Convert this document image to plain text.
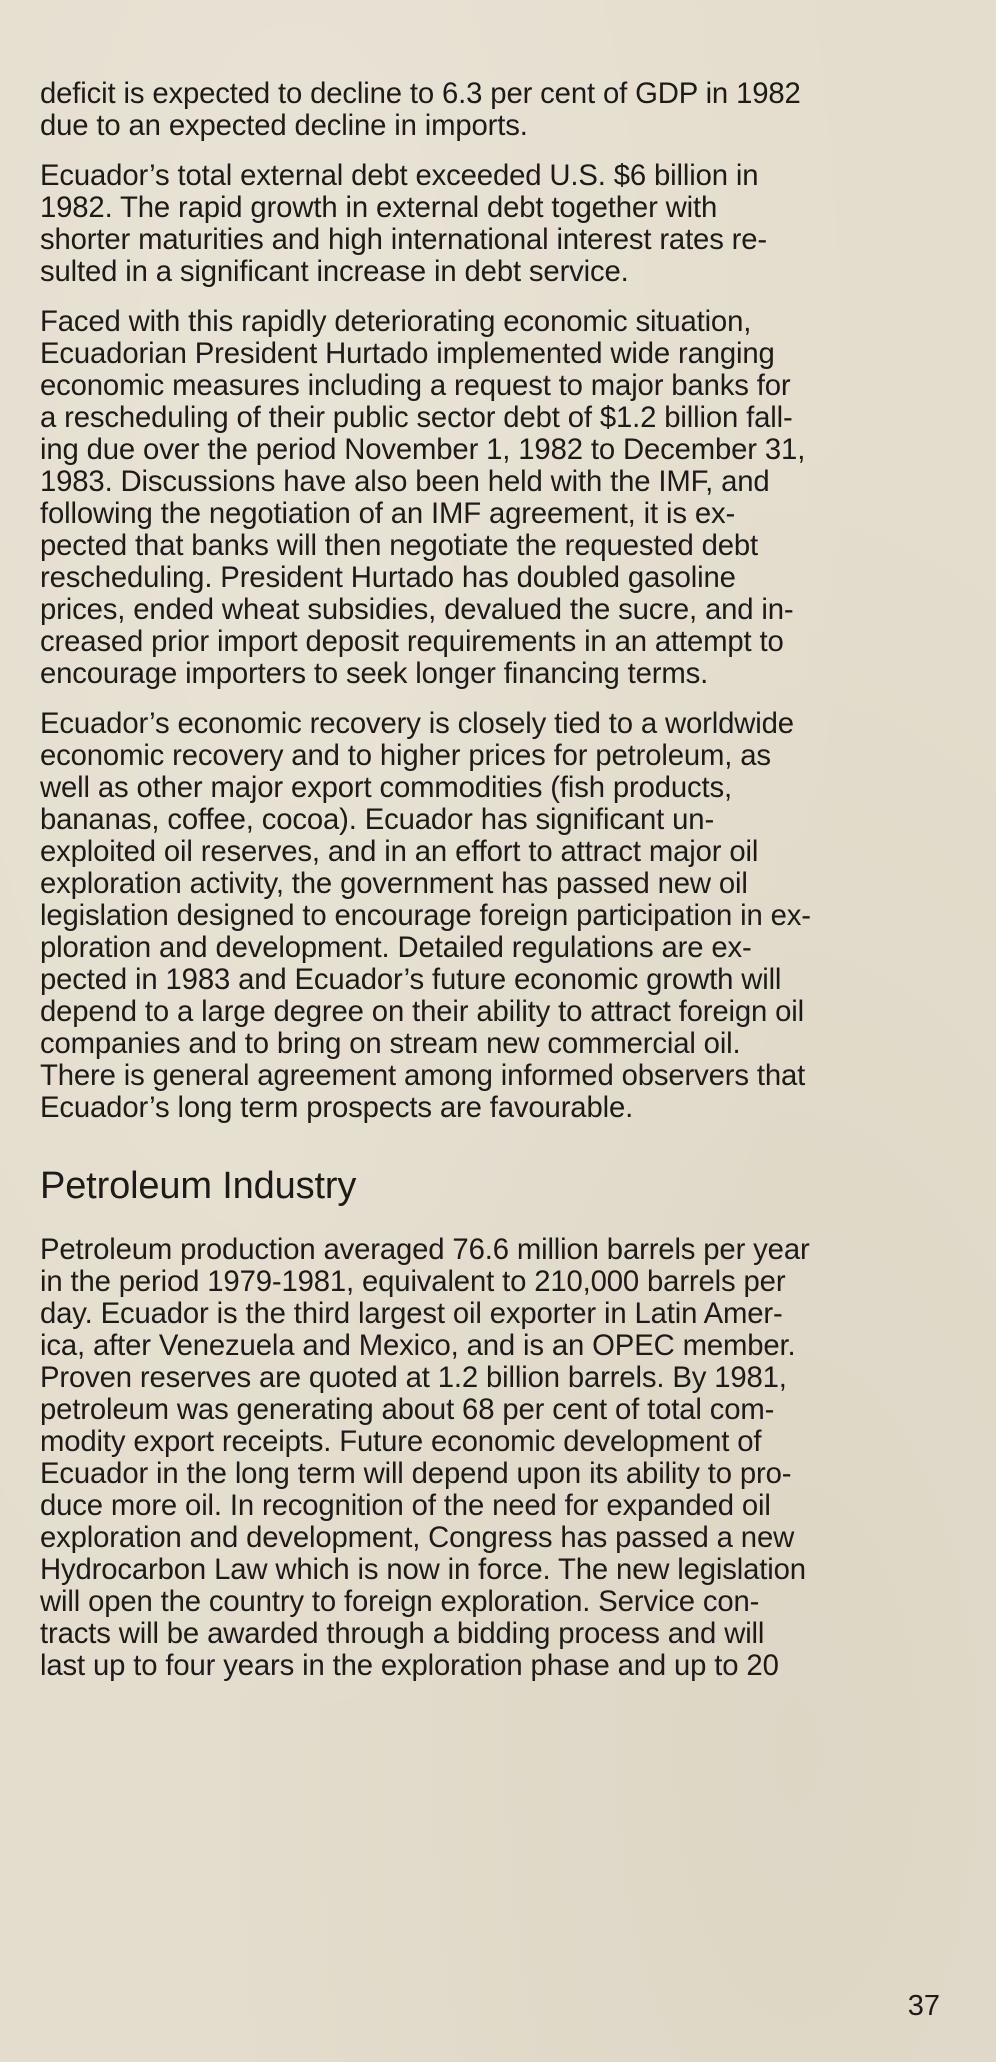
deficit is expected to decline to 6.3 per cent of GDP in 1982
due to an expected decline in imports.

Ecuador’s total external debt exceeded U.S. $6 billion in
1982. The rapid growth in external debt together with
shorter maturities and high international interest rates re-
sulted in a significant increase in debt service.

Faced with this rapidly deteriorating economic situation,
Ecuadorian President Hurtado implemented wide ranging
economic measures including a request to major banks for
a rescheduling of their public sector debt of $1.2 billion fall-
ing due over the period November 1, 1982 to December 31,
1983. Discussions have also been held with the IMF, and
following the negotiation of an IMF agreement, it is ex-
pected that banks will then negotiate the requested debt
rescheduling. President Hurtado has doubled gasoline
prices, ended wheat subsidies, devalued the sucre, and in-
creased prior import deposit requirements in an attempt to
encourage importers to seek longer financing terms.

Ecuador’s economic recovery is closely tied to a worldwide
economic recovery and to higher prices for petroleum, as
well as other major export commodities (fish products,
bananas, coffee, cocoa). Ecuador has significant un-
exploited oil reserves, and in an effort to attract major oil
exploration activity, the government has passed new oil
legislation designed to encourage foreign participation in ex-
ploration and development. Detailed regulations are ex-
pected in 1983 and Ecuador’s future economic growth will
depend to a large degree on their ability to attract foreign oil
companies and to bring on stream new commercial oil.
There is general agreement among informed observers that
Ecuador’s long term prospects are favourable.

Petroleum Industry

Petroleum production averaged 76.6 million barrels per year
in the period 1979-1981, equivalent to 210,000 barrels per
day. Ecuador is the third largest oil exporter in Latin Amer-
ica, after Venezuela and Mexico, and is an OPEC member.
Proven reserves are quoted at 1.2 billion barrels. By 1981,
petroleum was generating about 68 per cent of total com-
modity export receipts. Future economic development of
Ecuador in the long term will depend upon its ability to pro-
duce more oil. In recognition of the need for expanded oil
exploration and development, Congress has passed a new
Hydrocarbon Law which is now in force. The new legislation
will open the country to foreign exploration. Service con-
tracts will be awarded through a bidding process and will
last up to four years in the exploration phase and up to 20

37
